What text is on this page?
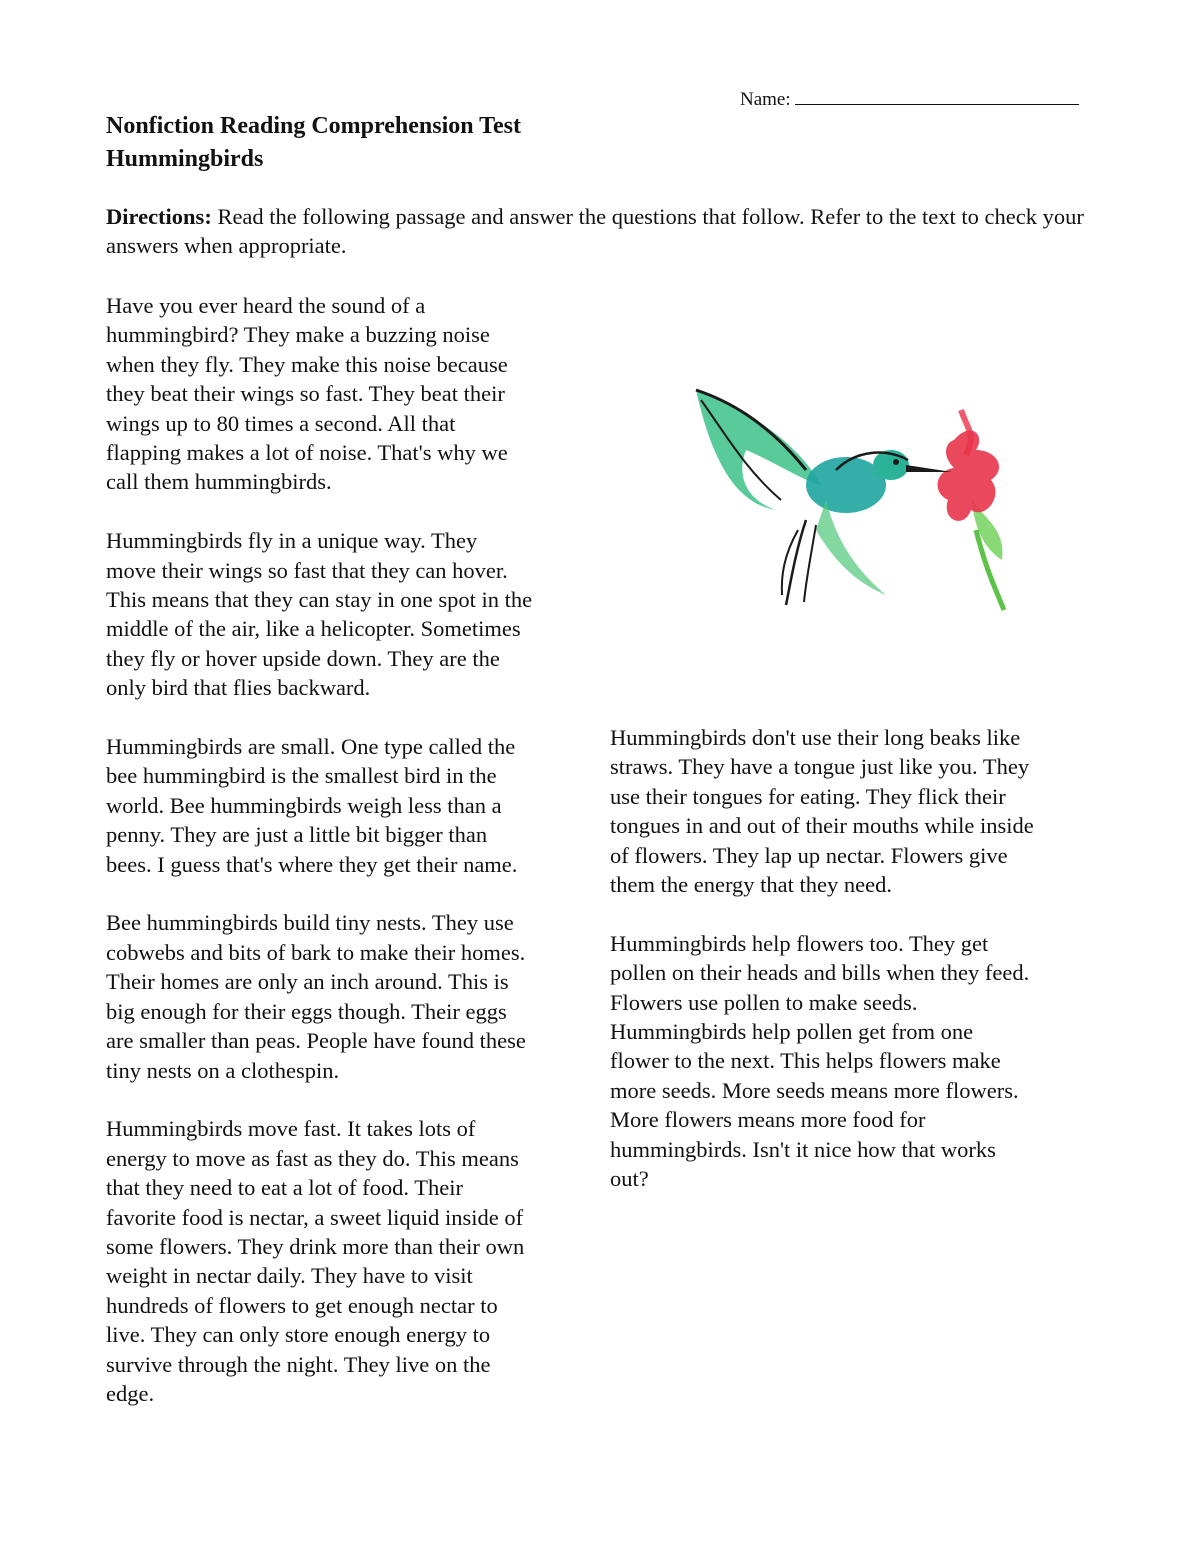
Name:
Nonfiction Reading Comprehension Test
Hummingbirds
Directions: Read the following passage and answer the questions that follow. Refer to the text to check your answers when appropriate.

Have you ever heard the sound of a
hummingbird? They make a buzzing noise
when they fly. They make this noise because
they beat their wings so fast. They beat their
wings up to 80 times a second. All that
flapping makes a lot of noise. That's why we
call them hummingbirds.

Hummingbirds fly in a unique way. They
move their wings so fast that they can hover.
This means that they can stay in one spot in the
middle of the air, like a helicopter. Sometimes
they fly or hover upside down. They are the
only bird that flies backward.

Hummingbirds are small. One type called the
bee hummingbird is the smallest bird in the
world. Bee hummingbirds weigh less than a
penny. They are just a little bit bigger than
bees. I guess that's where they get their name.

Bee hummingbirds build tiny nests. They use
cobwebs and bits of bark to make their homes.
Their homes are only an inch around. This is
big enough for their eggs though. Their eggs
are smaller than peas. People have found these
tiny nests on a clothespin.

Hummingbirds move fast. It takes lots of
energy to move as fast as they do. This means
that they need to eat a lot of food. Their
favorite food is nectar, a sweet liquid inside of
some flowers. They drink more than their own
weight in nectar daily. They have to visit
hundreds of flowers to get enough nectar to
live. They can only store enough energy to
survive through the night. They live on the
edge.

Hummingbirds don't use their long beaks like
straws. They have a tongue just like you. They
use their tongues for eating. They flick their
tongues in and out of their mouths while inside
of flowers. They lap up nectar. Flowers give
them the energy that they need.

Hummingbirds help flowers too. They get
pollen on their heads and bills when they feed.
Flowers use pollen to make seeds.
Hummingbirds help pollen get from one
flower to the next. This helps flowers make
more seeds. More seeds means more flowers.
More flowers means more food for
hummingbirds. Isn't it nice how that works
out?
